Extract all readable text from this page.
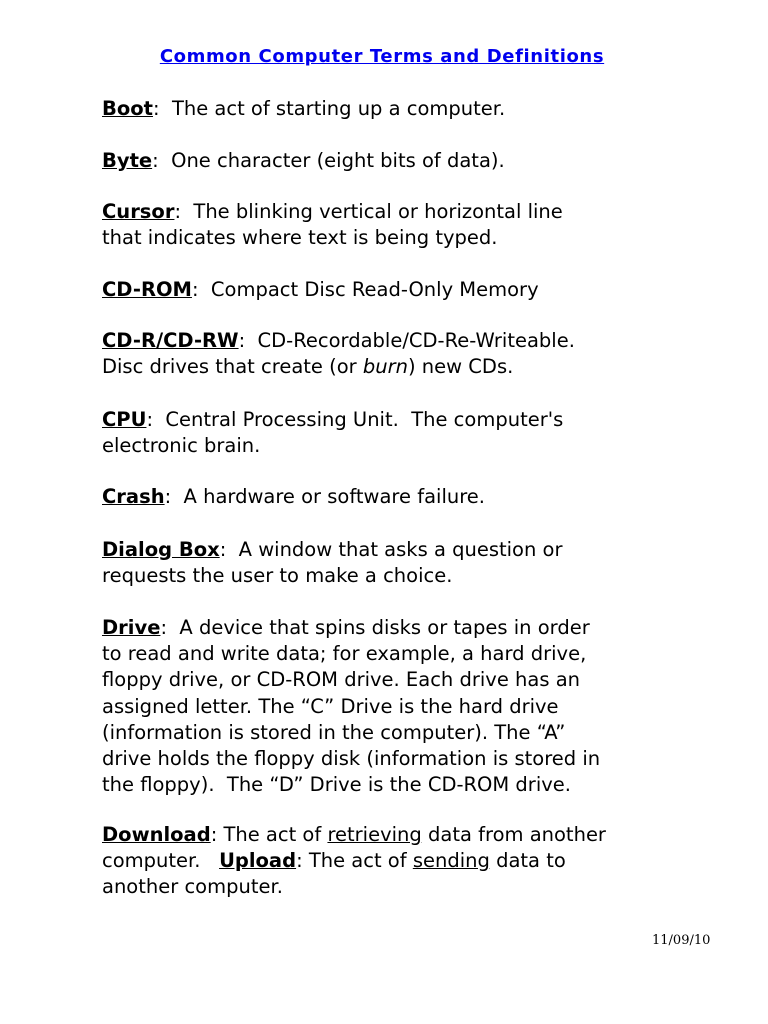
Common Computer Terms and Definitions
Boot:  The act of starting up a computer.
Byte:  One character (eight bits of data).
Cursor:  The blinking vertical or horizontal line
that indicates where text is being typed.
CD-ROM:  Compact Disc Read-Only Memory
CD-R/CD-RW:  CD-Recordable/CD-Re-Writeable.
Disc drives that create (or burn) new CDs.
CPU:  Central Processing Unit.  The computer's
electronic brain.
Crash:  A hardware or software failure.
Dialog Box:  A window that asks a question or
requests the user to make a choice.
Drive:  A device that spins disks or tapes in order
to read and write data; for example, a hard drive,
floppy drive, or CD-ROM drive. Each drive has an
assigned letter. The “C” Drive is the hard drive
(information is stored in the computer). The “A”
drive holds the floppy disk (information is stored in
the floppy).  The “D” Drive is the CD-ROM drive.
Download: The act of retrieving data from another
computer.   Upload: The act of sending data to
another computer.
11/09/10
